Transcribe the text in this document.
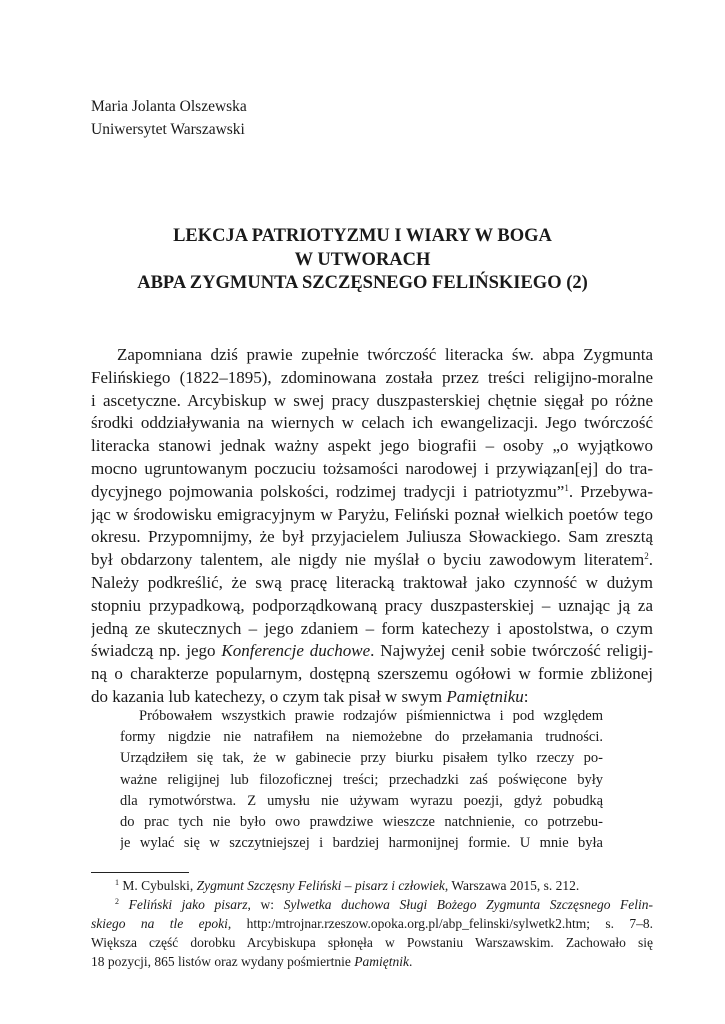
Maria Jolanta Olszewska
Uniwersytet Warszawski
LEKCJA PATRIOTYZMU I WIARY W BOGA
W UTWORACH
ABPA ZYGMUNTA SZCZĘSNEGO FELIŃSKIEGO (2)
Zapomniana dziś prawie zupełnie twórczość literacka św. abpa Zygmunta
Felińskiego (1822–1895), zdominowana została przez treści religijno-moralne
i ascetyczne. Arcybiskup w swej pracy duszpasterskiej chętnie sięgał po różne
środki oddziaływania na wiernych w celach ich ewangelizacji. Jego twórczość
literacka stanowi jednak ważny aspekt jego biografii – osoby „o wyjątkowo
mocno ugruntowanym poczuciu tożsamości narodowej i przywiązan[ej] do tra-
dycyjnego pojmowania polskości, rodzimej tradycji i patriotyzmu”$^1$. Przebywa-
jąc w środowisku emigracyjnym w Paryżu, Feliński poznał wielkich poetów tego
okresu. Przypomnijmy, że był przyjacielem Juliusza Słowackiego. Sam zresztą
był obdarzony talentem, ale nigdy nie myślał o byciu zawodowym literatem$^2$.
Należy podkreślić, że swą pracę literacką traktował jako czynność w dużym
stopniu przypadkową, podporządkowaną pracy duszpasterskiej – uznając ją za
jedną ze skutecznych – jego zdaniem – form katechezy i apostolstwa, o czym
świadczą np. jego Konferencje duchowe. Najwyżej cenił sobie twórczość religij-
ną o charakterze popularnym, dostępną szerszemu ogółowi w formie zbliżonej
do kazania lub katechezy, o czym tak pisał w swym Pamiętniku:
Próbowałem wszystkich prawie rodzajów piśmiennictwa i pod względem
formy nigdzie nie natrafiłem na niemożebne do przełamania trudności.
Urządziłem się tak, że w gabinecie przy biurku pisałem tylko rzeczy po-
ważne religijnej lub filozoficznej treści; przechadzki zaś poświęcone były
dla rymotwórstwa. Z umysłu nie używam wyrazu poezji, gdyż pobudką
do prac tych nie było owo prawdziwe wieszcze natchnienie, co potrzebu-
je wylać się w szczytniejszej i bardziej harmonijnej formie. U mnie była
$^1$ M. Cybulski, Zygmunt Szczęsny Feliński – pisarz i człowiek, Warszawa 2015, s. 212.
$^2$ Feliński jako pisarz, w: Sylwetka duchowa Sługi Bożego Zygmunta Szczęsnego Felin-
skiego na tle epoki, http:/mtrojnar.rzeszow.opoka.org.pl/abp_felinski/sylwetk2.htm; s. 7–8.
Większa część dorobku Arcybiskupa spłonęła w Powstaniu Warszawskim. Zachowało się
18 pozycji, 865 listów oraz wydany pośmiertnie Pamiętnik.
